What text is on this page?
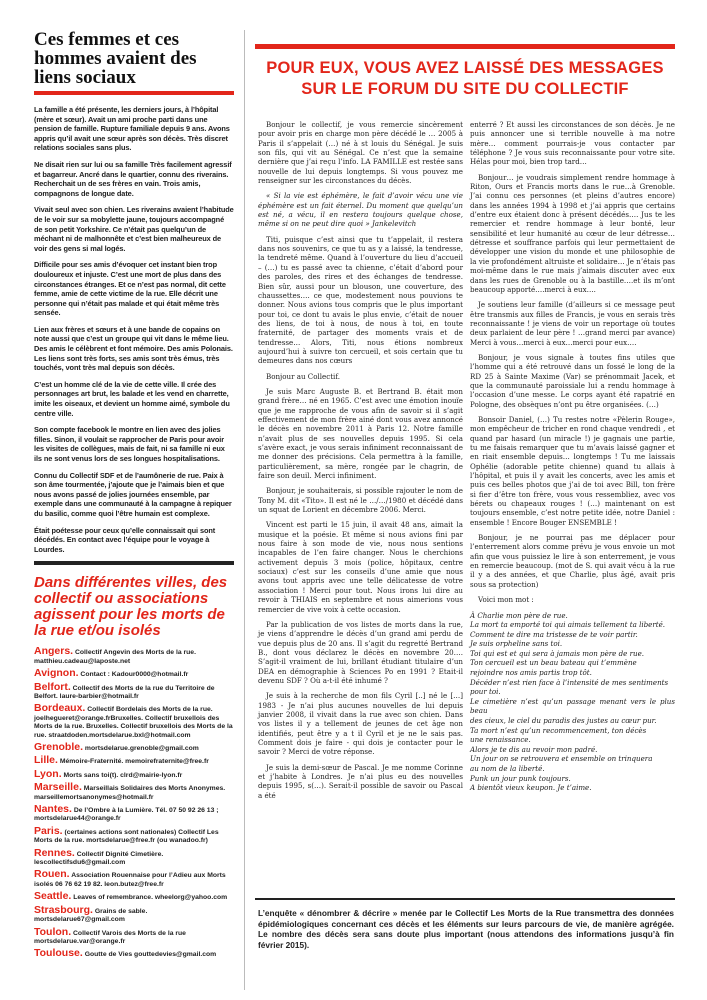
Ces femmes et ces hommes avaient des liens sociaux

La famille a été présente, les derniers jours, à l’hôpital (mère et sœur). Avait un ami proche parti dans une pension de famille. Rupture familiale depuis 9 ans. Avons appris qu’il avait une sœur après son décès. Très discret relations sociales sans plus.

Ne disait rien sur lui ou sa famille Très facilement agressif et bagarreur. Ancré dans le quartier, connu des riverains. Recherchait un de ses frères en vain. Trois amis, compagnons de longue date.

Vivait seul avec son chien. Les riverains avaient l’habitude de le voir sur sa mobylette jaune, toujours accompagné de son petit Yorkshire. Ce n’était pas quelqu’un de méchant ni de malhonnête et c’est bien malheureux de voir des gens si mal logés.

Difficile pour ses amis d’évoquer cet instant bien trop douloureux et injuste. C’est une mort de plus dans des circonstances étranges. Et ce n’est pas normal, dit cette femme, amie de cette victime de la rue. Elle décrit une personne qui n’était pas malade et qui était même très sensée.

Lien aux frères et sœurs et à une bande de copains on note aussi que c’est un groupe qui vit dans le même lieu. Des amis le célèbrent et font mémoire. Des amis Polonais. Les liens sont très forts, ses amis sont très émus, très touchés, vont très mal depuis son décès.

C’est un homme clé de la vie de cette ville. Il crée des personnages art brut, les balade et les vend en charrette, imite les oiseaux, et devient un homme aimé, symbole du centre ville.

Son compte facebook le montre en lien avec des jolies filles. Sinon, il voulait se rapprocher de Paris pour avoir les visites de collègues, mais de fait, ni sa famille ni eux ils ne sont venus lors de ses longues hospitalisations.

Connu du Collectif SDF et de l’aumônerie de rue. Paix à son âme tourmentée, j’ajoute que je l’aimais bien et que nous avons passé de jolies journées ensemble, par exemple dans une communauté à la campagne à repiquer du basilic, comme quoi l’être humain est complexe.

Était poétesse pour ceux qu’elle connaissait qui sont décédés. En contact avec l’équipe pour le voyage à Lourdes.

Dans différentes villes, des collectif ou associations agissent pour les morts de la rue et/ou isolés
Angers. Collectif Angevin des Morts de la rue. matthieu.cadeau@laposte.net
Avignon. Contact : Kadour0000@hotmail.fr
Belfort. Collectif des Morts de la rue du Territoire de Belfort. laure-barbier@hotmail.fr
Bordeaux. Collectif Bordelais des Morts de la rue. joelhegueret@orange.frBruxelles. Collectif bruxellois des Morts de la rue. Bruxelles. Collectif bruxellois des Morts de la rue. straatdoden.mortsdelarue.bxl@hotmail.com
Grenoble. mortsdelarue.grenoble@gmail.com
Lille. Mémoire-Fraternité. memoirefraternite@free.fr
Lyon. Morts sans toi(t). clrd@mairie-lyon.fr
Marseille. Marseillais Solidaires des Morts Anonymes. marseillemortsanonymes@hotmail.fr
Nantes. De l’Ombre à la Lumière. Tél. 07 50 92 26 13 ; mortsdelarue44@orange.fr
Paris. (certaines actions sont nationales) Collectif Les Morts de la rue. mortsdelarue@free.fr (ou wanadoo.fr)
Rennes. Collectif Dignité Cimetière. lescollectifsdu6@gmail.com
Rouen. Association Rouennaise pour l’Adieu aux Morts isolés 06 76 62 19 82. leon.butez@free.fr
Seattle. Leaves of remembrance. wheelorg@yahoo.com
Strasbourg. Grains de sable. mortsdelarue67@gmail.com
Toulon. Collectif Varois des Morts de la rue mortsdelarue.var@orange.fr
Toulouse. Goutte de Vies gouttedevies@gmail.com
POUR EUX, VOUS AVEZ LAISSÉ DES MESSAGES
SUR LE FORUM DU SITE DU COLLECTIF

Bonjour le collectif, je vous remercie sincèrement pour avoir pris en charge mon père décédé le … 2005 à Paris il s’appelait (…) né à st louis du Sénégal. Je suis son fils, qui vit au Sénégal. Ce n’est que la semaine dernière que j’ai reçu l’info. LA FAMILLE est restée sans nouvelle de lui depuis longtemps. Si vous pouvez me renseigner sur les circonstances du décès.

« Si la vie est éphémère, le fait d’avoir vécu une vie éphémère est un fait éternel. Du moment que quelqu’un est né, a vécu, il en restera toujours quelque chose, même si on ne peut dire quoi » Jankelevitch

Titi, puisque c’est ainsi que tu t’appelait, il restera dans nos souvenirs, ce que tu as y a laissé, la tendresse, la tendreté même. Quand à l’ouverture du lieu d’accueil – (…) tu es passé avec ta chienne, c’était d’abord pour des paroles, des rires et des échanges de tendresse. Bien sûr, aussi pour un blouson, une couverture, des chaussettes…. ce que, modestement nous pouvions te donner. Nous avions tous compris que le plus important pour toi, ce dont tu avais le plus envie, c’était de nouer des liens, de toi à nous, de nous à toi, en toute fraternité, de partager des moments vrais et de tendresse… Alors, Titi, nous étions nombreux aujourd’hui à suivre ton cercueil, et sois certain que tu demeures dans nos cœurs

Bonjour au Collectif.

Je suis Marc Auguste B. et Bertrand B. était mon grand frère… né en 1965. C’est avec une émotion inouïe que je me rapproche de vous afin de savoir si il s’agit effectivement de mon frère ainé dont vous avez annoncé le décès en novembre 2011 à Paris 12. Notre famille n’avait plus de ses nouvelles depuis 1995. Si cela s’avère exact, je vous serais infiniment reconnaissant de me donner des précisions. Cela permettra à la famille, particulièrement, sa mère, rongée par le chagrin, de faire son deuil. Merci infiniment.

Bonjour, je souhaiterais, si possible rajouter le nom de Tony M. dit «Tito». Il est né le …/…/1980 et décédé dans un squat de Lorient en décembre 2006. Merci.

Vincent est parti le 15 juin, il avait 48 ans, aimait la musique et la poésie. Et même si nous avions fini par nous faire à son mode de vie, nous nous sentions incapables de l’en faire changer. Nous le cherchions activement depuis 3 mois (police, hôpitaux, centre sociaux) c’est sur les conseils d’une amie que nous avons tout appris avec une telle délicatesse de votre association ! Merci pour tout. Nous irons lui dire au revoir à THIAIS en septembre et nous aimerions vous remercier de vive voix à cette occasion.

Par la publication de vos listes de morts dans la rue, je viens d’apprendre le décès d’un grand ami perdu de vue depuis plus de 20 ans. Il s’agit du regretté Bertrand B., dont vous déclarez le décès en novembre 20…. S’agit-il vraiment de lui, brillant étudiant titulaire d’un DEA en démographie à Sciences Po en 1991 ? Etait-il devenu SDF ? Où a-t-il été inhumé ?

Je suis à la recherche de mon fils Cyril [..] né le […] 1983 - Je n’ai plus aucunes nouvelles de lui depuis janvier 2008, il vivait dans la rue avec son chien. Dans vos listes il y a tellement de jeunes de cet âge non identifiés, peut être y a t il Cyril et je ne le sais pas. Comment dois je faire - qui dois je contacter pour le savoir ? Merci de votre réponse.

Je suis la demi-sœur de Pascal. Je me nomme Corinne et j’habite à Londres. Je n’ai plus eu des nouvelles depuis 1995, s(…). Serait-il possible de savoir ou Pascal a été

enterré ? Et aussi les circonstances de son décès. Je ne puis annoncer une si terrible nouvelle à ma notre mère… comment pourrais-je vous contacter par téléphone ? Je vous suis reconnaissante pour votre site. Hélas pour moi, bien trop tard…

Bonjour… je voudrais simplement rendre hommage à Riton, Ours et Francis morts dans le rue…à Grenoble. J’ai connu ces personnes (et pleins d’autres encore) dans les années 1994 à 1998 et j’ai appris que certains d’entre eux étaient donc à présent décédés…. Jus te les remercier et rendre hommage à leur bonté, leur sensibilité et leur humanité au cœur de leur détresse… détresse et souffrance parfois qui leur permettaient de développer une vision du monde et une philosophie de la vie profondément altruiste et solidaire… Je n’étais pas moi-même dans le rue mais j’aimais discuter avec eux dans les rues de Grenoble ou à la bastille….et ils m’ont beaucoup apporté….merci à eux….

Je soutiens leur famille (d’ailleurs si ce message peut être transmis aux filles de Francis, je vous en serais très reconnaissante ! je viens de voir un reportage où toutes deux parlaient de leur père ! …grand merci par avance) Merci à vous…merci à eux…merci pour eux….

Bonjour, je vous signale à toutes fins utiles que l’homme qui a été retrouvé dans un fossé le long de la RD 25 à Sainte Maxime (Var) se prénommait Jacek, et que la communauté paroissiale lui a rendu hommage à l’occasion d’une messe. Le corps ayant été rapatrié en Pologne, des obsèques n’ont pu être organisées. (…)

Bonsoir Daniel, (…) Tu restes notre «Pèlerin Rouge», mon empêcheur de tricher en rond chaque vendredi , et quand par hasard (un miracle !) je gagnais une partie, tu me faisais remarquer que tu m’avais laissé gagner et en riait ensemble depuis… longtemps ! Tu me laissais Ophélie (adorable petite chienne) quand tu allais à l’hôpital, et puis il y avait les concerts, avec les amis et puis ces belles photos que j’ai de toi avec Bill, ton frère si fier d’être ton frère, vous vous ressembliez, avec vos bérets ou chapeaux rouges ! (…) maintenant on est toujours ensemble, c’est notre petite idée, notre Daniel : ensemble ! Encore Bouger ENSEMBLE !

Bonjour, je ne pourrai pas me déplacer pour l’enterrement alors comme prévu je vous envoie un mot afin que vous puissiez le lire à son enterrement, je vous en remercie beaucoup. (mot de S. qui avait vécu à la rue il y a des années, et que Charlie, plus âgé, avait pris sous sa protection)

Voici mon mot :

À Charlie mon père de rue.
La mort ta emporté toi qui aimais tellement ta liberté.
Comment te dire ma tristesse de te voir partir.
Je suis orpheline sans toi.
Toi qui est et qui sera à jamais mon père de rue.
Ton cercueil est un beau bateau qui t’emmène
rejoindre nos amis partis trop tôt.
Décéder n’est rien face à l’intensité de mes sentiments
pour toi.
Le cimetière n’est qu’un passage menant vers le plus beau
des cieux, le ciel du paradis des justes au cœur pur.
Ta mort n’est qu’un recommencement, ton décès
une renaissance.
Alors je te dis au revoir mon padré.
Un jour on se retrouvera et ensemble on trinquera
au nom de la liberté.
Punk un jour punk toujours.
A bientôt vieux keupon. Je t’aime.
L’enquête « dénombrer & décrire » menée par le Collectif Les Morts de la Rue transmettra des données épidémiologiques concernant ces décès et les éléments sur leurs parcours de vie, de manière agrégée. Le nombre des décès sera sans doute plus important (nous attendons des informations jusqu’à fin février 2015).
